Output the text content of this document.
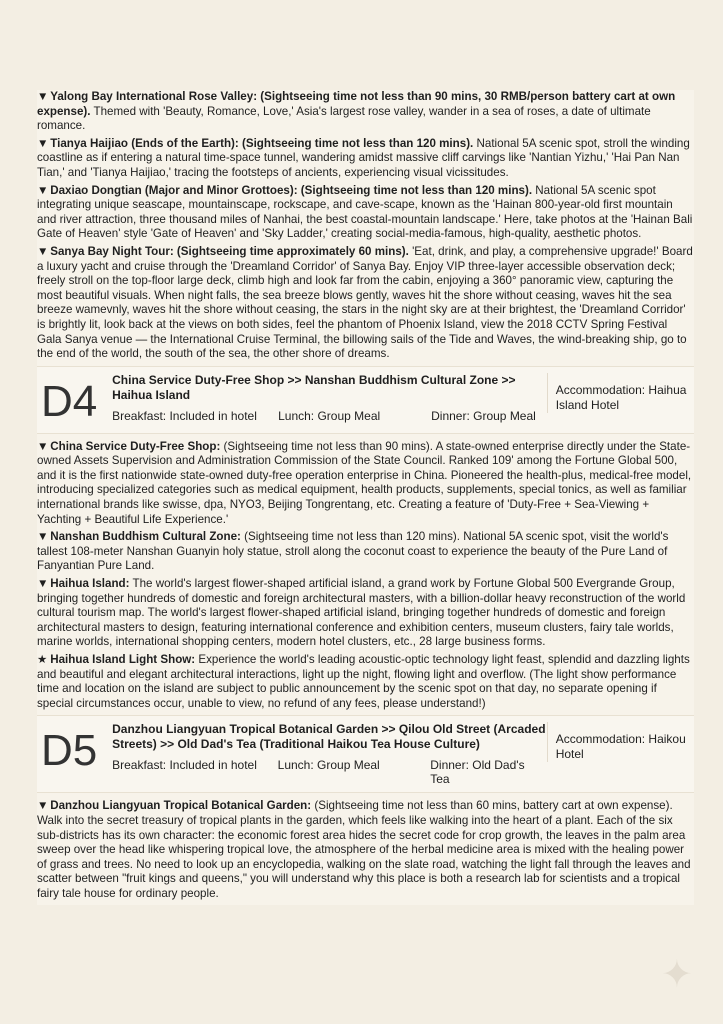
▼ Yalong Bay International Rose Valley: (Sightseeing time not less than 90 mins, 30 RMB/person battery cart at own expense). Themed with 'Beauty, Romance, Love,' Asia's largest rose valley, wander in a sea of roses, a date of ultimate romance.

▼ Tianya Haijiao (Ends of the Earth): (Sightseeing time not less than 120 mins). National 5A scenic spot, stroll the winding coastline as if entering a natural time-space tunnel, wandering amidst massive cliff carvings like 'Nantian Yizhu,' 'Hai Pan Nan Tian,' and 'Tianya Haijiao,' tracing the footsteps of ancients, experiencing visual vicissitudes.

▼ Daxiao Dongtian (Major and Minor Grottoes): (Sightseeing time not less than 120 mins). National 5A scenic spot integrating unique seascape, mountainscape, rockscape, and cave-scape, known as the 'Hainan 800-year-old first mountain and river attraction, three thousand miles of Nanhai, the best coastal-mountain landscape.' Here, take photos at the 'Hainan Bali Gate of Heaven' style 'Gate of Heaven' and 'Sky Ladder,' creating social-media-famous, high-quality, aesthetic photos.

▼ Sanya Bay Night Tour: (Sightseeing time approximately 60 mins). 'Eat, drink, and play, a comprehensive upgrade!' Board a luxury yacht and cruise through the 'Dreamland Corridor' of Sanya Bay. Enjoy VIP three-layer accessible observation deck; freely stroll on the top-floor large deck, climb high and look far from the cabin, enjoying a 360° panoramic view, capturing the most beautiful visuals. When night falls, the sea breeze blows gently, waves hit the shore without ceasing, waves hit the sea breeze wamevnly, waves hit the shore without ceasing, the stars in the night sky are at their brightest, the 'Dreamland Corridor' is brightly lit, look back at the views on both sides, feel the phantom of Phoenix Island, view the 2018 CCTV Spring Festival Gala Sanya venue — the International Cruise Terminal, the billowing sails of the Tide and Waves, the wind-breaking ship, go to the end of the world, the south of the sea, the other shore of dreams.

D4	China Service Duty-Free Shop >> Nanshan Buddhism Cultural Zone >> Haihua Island
Breakfast: Included in hotel	Lunch: Group Meal	Dinner: Group Meal
Accommodation: Haihua Island Hotel

▼ China Service Duty-Free Shop: (Sightseeing time not less than 90 mins). A state-owned enterprise directly under the State-owned Assets Supervision and Administration Commission of the State Council. Ranked 109' among the Fortune Global 500, and it is the first nationwide state-owned duty-free operation enterprise in China. Pioneered the health-plus, medical-free model, introducing specialized categories such as medical equipment, health products, supplements, special tonics, as well as familiar international brands like swisse, dpa, NYO3, Beijing Tongrentang, etc. Creating a feature of 'Duty-Free + Sea-Viewing + Yachting + Beautiful Life Experience.'

▼ Nanshan Buddhism Cultural Zone: (Sightseeing time not less than 120 mins). National 5A scenic spot, visit the world's tallest 108-meter Nanshan Guanyin holy statue, stroll along the coconut coast to experience the beauty of the Pure Land of Fanyantian Pure Land.

▼ Haihua Island: The world's largest flower-shaped artificial island, a grand work by Fortune Global 500 Evergrande Group, bringing together hundreds of domestic and foreign architectural masters, with a billion-dollar heavy reconstruction of the world cultural tourism map. The world's largest flower-shaped artificial island, bringing together hundreds of domestic and foreign architectural masters to design, featuring international conference and exhibition centers, museum clusters, fairy tale worlds, marine worlds, international shopping centers, modern hotel clusters, etc., 28 large business forms.

★ Haihua Island Light Show: Experience the world's leading acoustic-optic technology light feast, splendid and dazzling lights and beautiful and elegant architectural interactions, light up the night, flowing light and overflow. (The light show performance time and location on the island are subject to public announcement by the scenic spot on that day, no separate opening if special circumstances occur, unable to view, no refund of any fees, please understand!)

D5	Danzhou Liangyuan Tropical Botanical Garden >> Qilou Old Street (Arcaded Streets) >> Old Dad's Tea (Traditional Haikou Tea House Culture)
Breakfast: Included in hotel	Lunch: Group Meal	Dinner: Old Dad's Tea
Accommodation: Haikou Hotel

▼ Danzhou Liangyuan Tropical Botanical Garden: (Sightseeing time not less than 60 mins, battery cart at own expense). Walk into the secret treasury of tropical plants in the garden, which feels like walking into the heart of a plant. Each of the six sub-districts has its own character: the economic forest area hides the secret code for crop growth, the leaves in the palm area sweep over the head like whispering tropical love, the atmosphere of the herbal medicine area is mixed with the healing power of grass and trees. No need to look up an encyclopedia, walking on the slate road, watching the light fall through the leaves and scatter between "fruit kings and queens," you will understand why this place is both a research lab for scientists and a tropical fairy tale house for ordinary people.

✦
